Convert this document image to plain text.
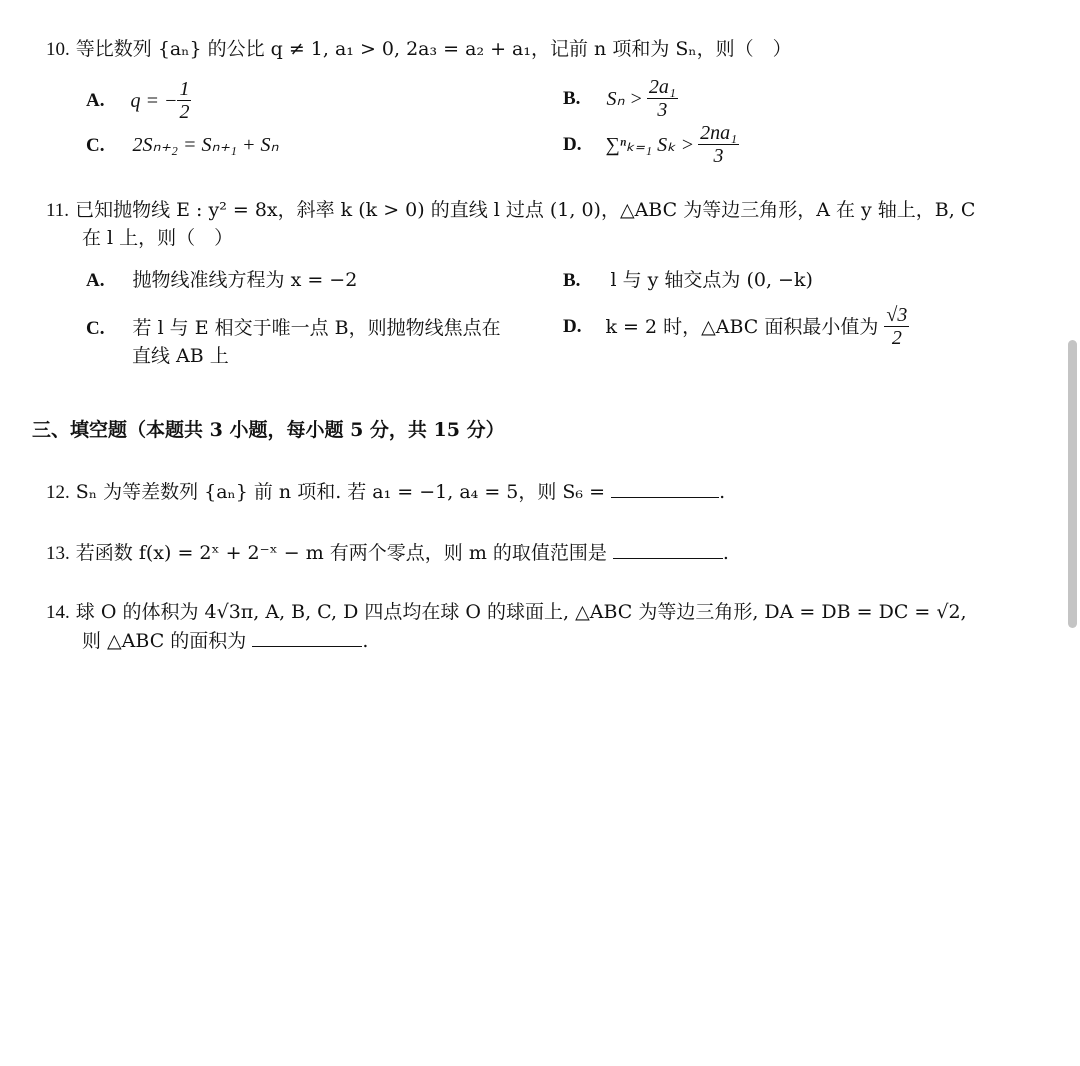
10. 等比数列 {aₙ} 的公比 q ≠ 1, a₁ > 0, 2a₃ = a₂ + a₁，记前 n 项和为 Sₙ，则（　）
A. q = − $\frac{1}{2}$	B. $S_n > \frac{\text{2a₁}}{3}$
C. 2Sₙ₊₂ = Sₙ₊₁ + Sₙ	D. ∑ⁿₖ₌₁ $S_k > \frac{\text{2na₁}}{3}$
11. 已知抛物线 E : y² = 8x，斜率 k (k > 0) 的直线 l 过点 (1, 0)，△ABC 为等边三角形，A 在 y 轴上，B, C
在 l 上，则（　）
A. 抛物线准线方程为 x = −2	B. l 与 y 轴交点为 (0, −k)
C. 若 l 与 E 相交于唯一点 B，则抛物线焦点在
直线 AB 上
D. k = 2 时，△ABC 面积最小值为 $\frac{√3}{2}$
三、填空题（本题共 3 小题，每小题 5 分，共 15 分）
12. Sₙ 为等差数列 {aₙ} 前 n 项和. 若 a₁ = −1, a₄ = 5，则 S₆ =	.
13. 若函数 f(x) = 2ˣ + 2⁻ˣ − m 有两个零点，则 m 的取值范围是	.
14. 球 O 的体积为 4√3π, A, B, C, D 四点均在球 O 的球面上, △ABC 为等边三角形, DA = DB = DC = √2,
则 △ABC 的面积为	.
